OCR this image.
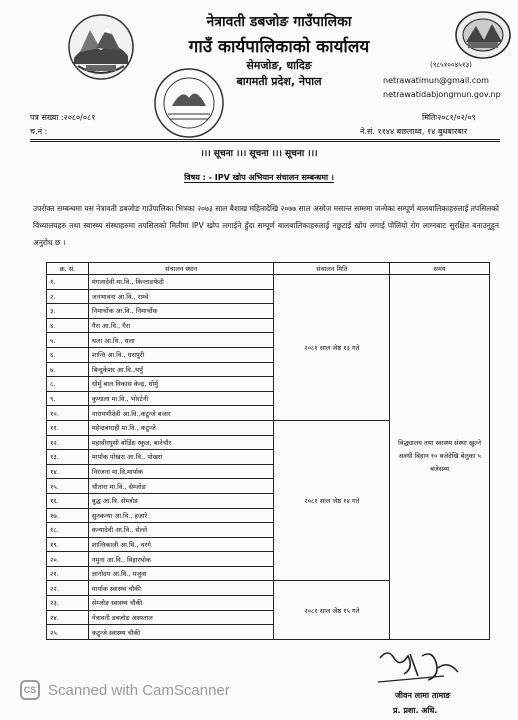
नेत्रावती डबजोङ गाउँपालिका
गाउँ कार्यपालिकाको कार्यालय
सेमजोङ, धादिङ
बागमती प्रदेश, नेपाल
(९८५१००४५१३)
netrawatimun@gmail.com
netrawatidabjongmun.gov.np
पत्र संख्या :२०८०/०८१
च.नं :
मितिः२०८१/०२/०९
ने.सं. ११४४ बछलाथ्व, १४ बुधबारबार
।।। सूचना ।।। सूचना ।।। सूचना ।।।
विषय : - IPV खोप अभियान संचालन सम्बन्धमा ।
उपरोक्त सम्बन्धमा यस नेत्रावती डबजोङ गाउँपालिका भित्रका २०७३ साल बैशाख महिनादेखि २०७७ साल असोज मसान्त सम्ममा जन्मेका सम्पूर्ण बालबालिकाहरुलाई तपसिलको विध्यालयहरु तथा स्वास्थ्य संस्थाहरुमा तपसिलको मितीमा IPV खोप लगाईने हुँदा सम्पूर्ण बालबालिकाहरुलाई नछुटाई खोप लगाई पोलियो रोग लाग्नबाट सुरक्षित बनाउनुहुन अनुरोध छ ।
क्र. सं.	संचालन स्थान	संचालन मिति	समय
१.	मंगलादेवी मा.वि., किन्ताङफेदी	२०८१ साल जेष्ठ १३ गते	विद्ध्यालय तथा स्वास्थ्य संस्था खुल्ने अवधी बिहान १० बजेदेखि बेलुका ५ बजेसम्म
२.	जनभावना आ.वि., राम्चे		
३.	निमार्चोक आ.वि., निमार्चोक		
४.	गैरा आ.वि., गैरा		
५.	थला आ.वि., थला		
६.	शान्ति आ.वि., धरापुरी		
७.	बिन्दुकेशर आ.वि.,थपुँ		
८.	धोर्मु बाल विकास केन्द्र, धोर्मु		
९.	कुण्डला मा.वि., भोरटेनी		
१०.	नारायणीदेवी आ.वि.,कटुन्जे बजार		
११.	महेन्द्रबाराही मा.वि., कटुन्जे	२०८१ साल जेष्ठ १४ गते	
१२.	महावीरघुसी बोर्डिङ स्कुल, बानेचौर		
१३.	मार्पाक पोखरा आ.वि., पोखरा		
१४.	निरंजना मा.वि,मार्पाक		
१५.	चौतारा मा.वि., सेम्जोङ		
१६.	बुद्ध आ.वि. सेम्जोङ		
१७.	सुनकन्या आ.वि., हजारे		
१८.	कन्यादेवी आ.वि., सेल्ले		
१९.	शान्तिकाली आ.वि., चरंगे		
२०.	नमुना आ.वि., विहारथोक		
२१.	ज्ञानोदय आ.वि., मजुवा		
२२.	मार्पाक स्वास्थ्य चौकी	२०८१ साल जेष्ठ १५ गते	
२३.	सेम्जोङ स्वास्थ्य चौकी		
२४.	नेत्रावती डबजोङ अस्पताल		
२५.	कटुन्जे स्वास्थ्य चौकी		
जीवन लामा तामाङ
प्र. प्रशा. अधि.
CS Scanned with CamScanner
